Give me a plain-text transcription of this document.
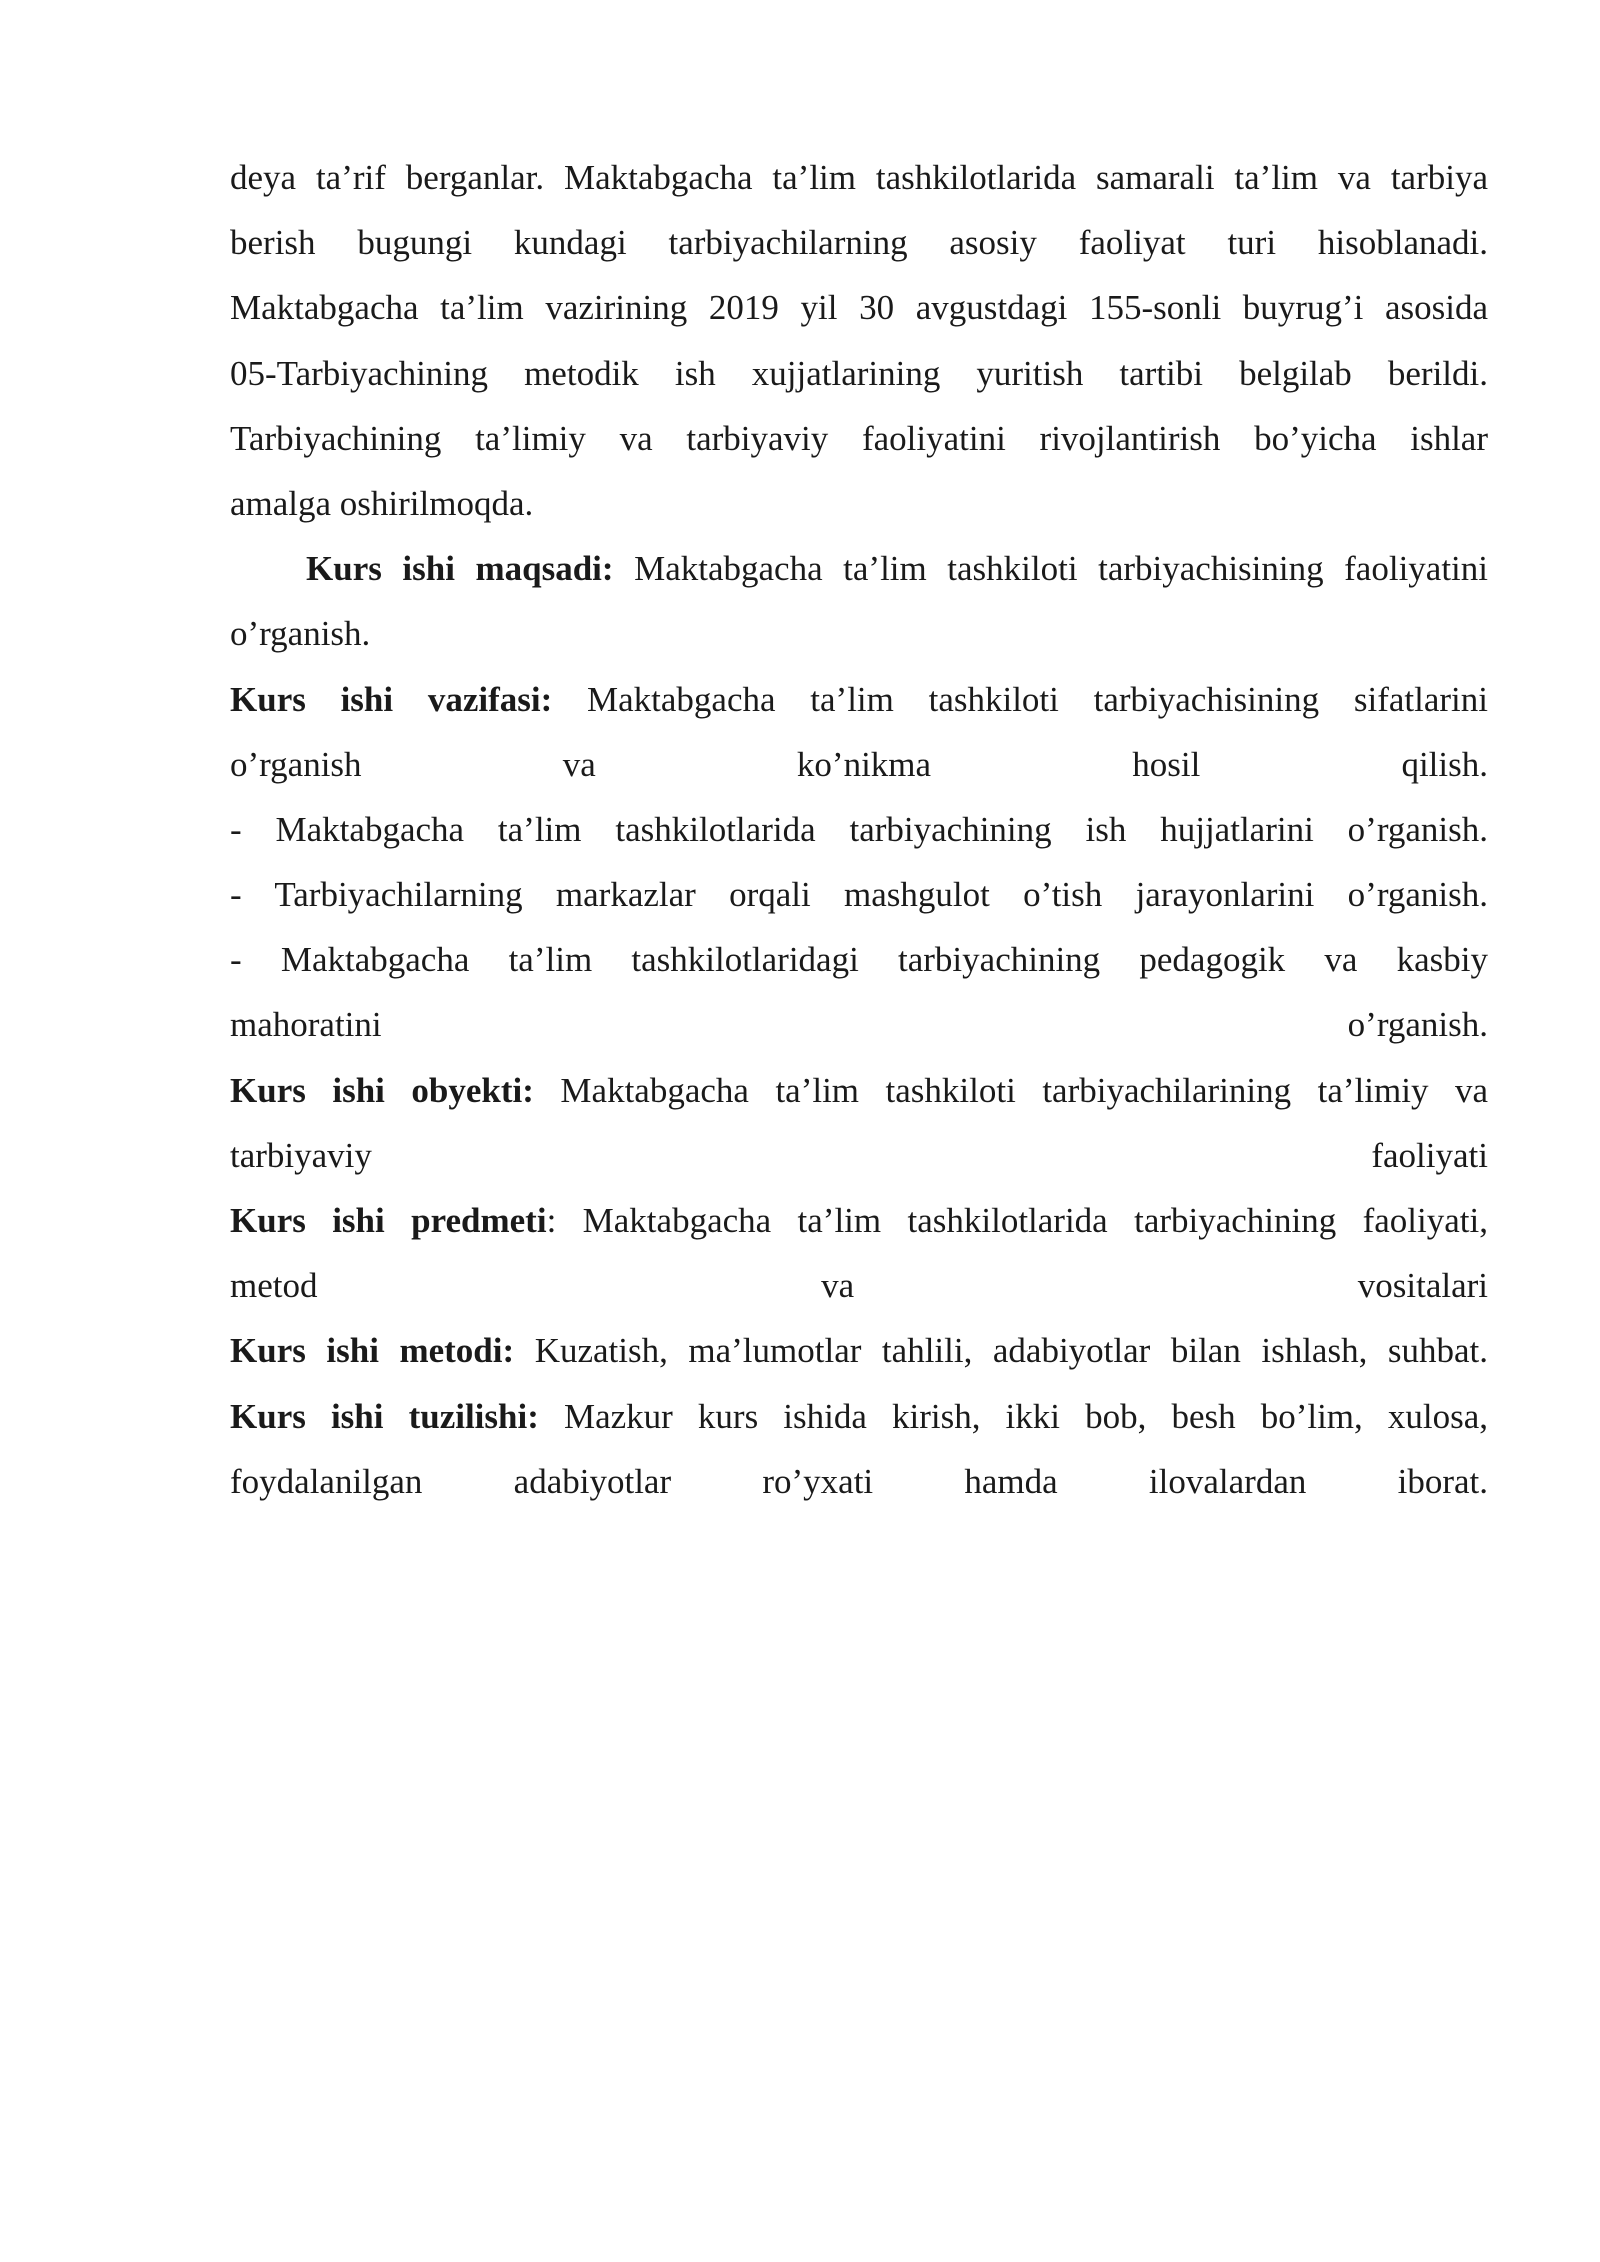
deya ta’rif berganlar. Maktabgacha ta’lim tashkilotlarida samarali ta’lim va tarbiya
berish bugungi kundagi tarbiyachilarning asosiy faoliyat turi hisoblanadi.
Maktabgacha ta’lim vazirining 2019 yil 30 avgustdagi 155-sonli buyrug’i asosida
05-Tarbiyachining metodik ish xujjatlarining yuritish tartibi belgilab berildi.
Tarbiyachining ta’limiy va tarbiyaviy faoliyatini rivojlantirish bo’yicha ishlar
amalga oshirilmoqda.
Kurs ishi maqsadi: Maktabgacha ta’lim tashkiloti tarbiyachisining faoliyatini
o’rganish.
Kurs ishi vazifasi: Maktabgacha ta’lim tashkiloti tarbiyachisining sifatlarini
o’rganish va ko’nikma hosil qilish.
- Maktabgacha ta’lim tashkilotlarida tarbiyachining ish hujjatlarini o’rganish.
- Tarbiyachilarning markazlar orqali mashgulot o’tish jarayonlarini o’rganish.
- Maktabgacha ta’lim tashkilotlaridagi tarbiyachining pedagogik va kasbiy
mahoratini o’rganish.
Kurs ishi obyekti: Maktabgacha ta’lim tashkiloti tarbiyachilarining ta’limiy va
tarbiyaviy faoliyati
Kurs ishi predmeti: Maktabgacha ta’lim tashkilotlarida tarbiyachining faoliyati,
metod va vositalari
Kurs ishi metodi: Kuzatish, ma’lumotlar tahlili, adabiyotlar bilan ishlash, suhbat.
Kurs ishi tuzilishi: Mazkur kurs ishida kirish, ikki bob, besh bo’lim, xulosa,
foydalanilgan adabiyotlar ro’yxati hamda ilovalardan iborat.
